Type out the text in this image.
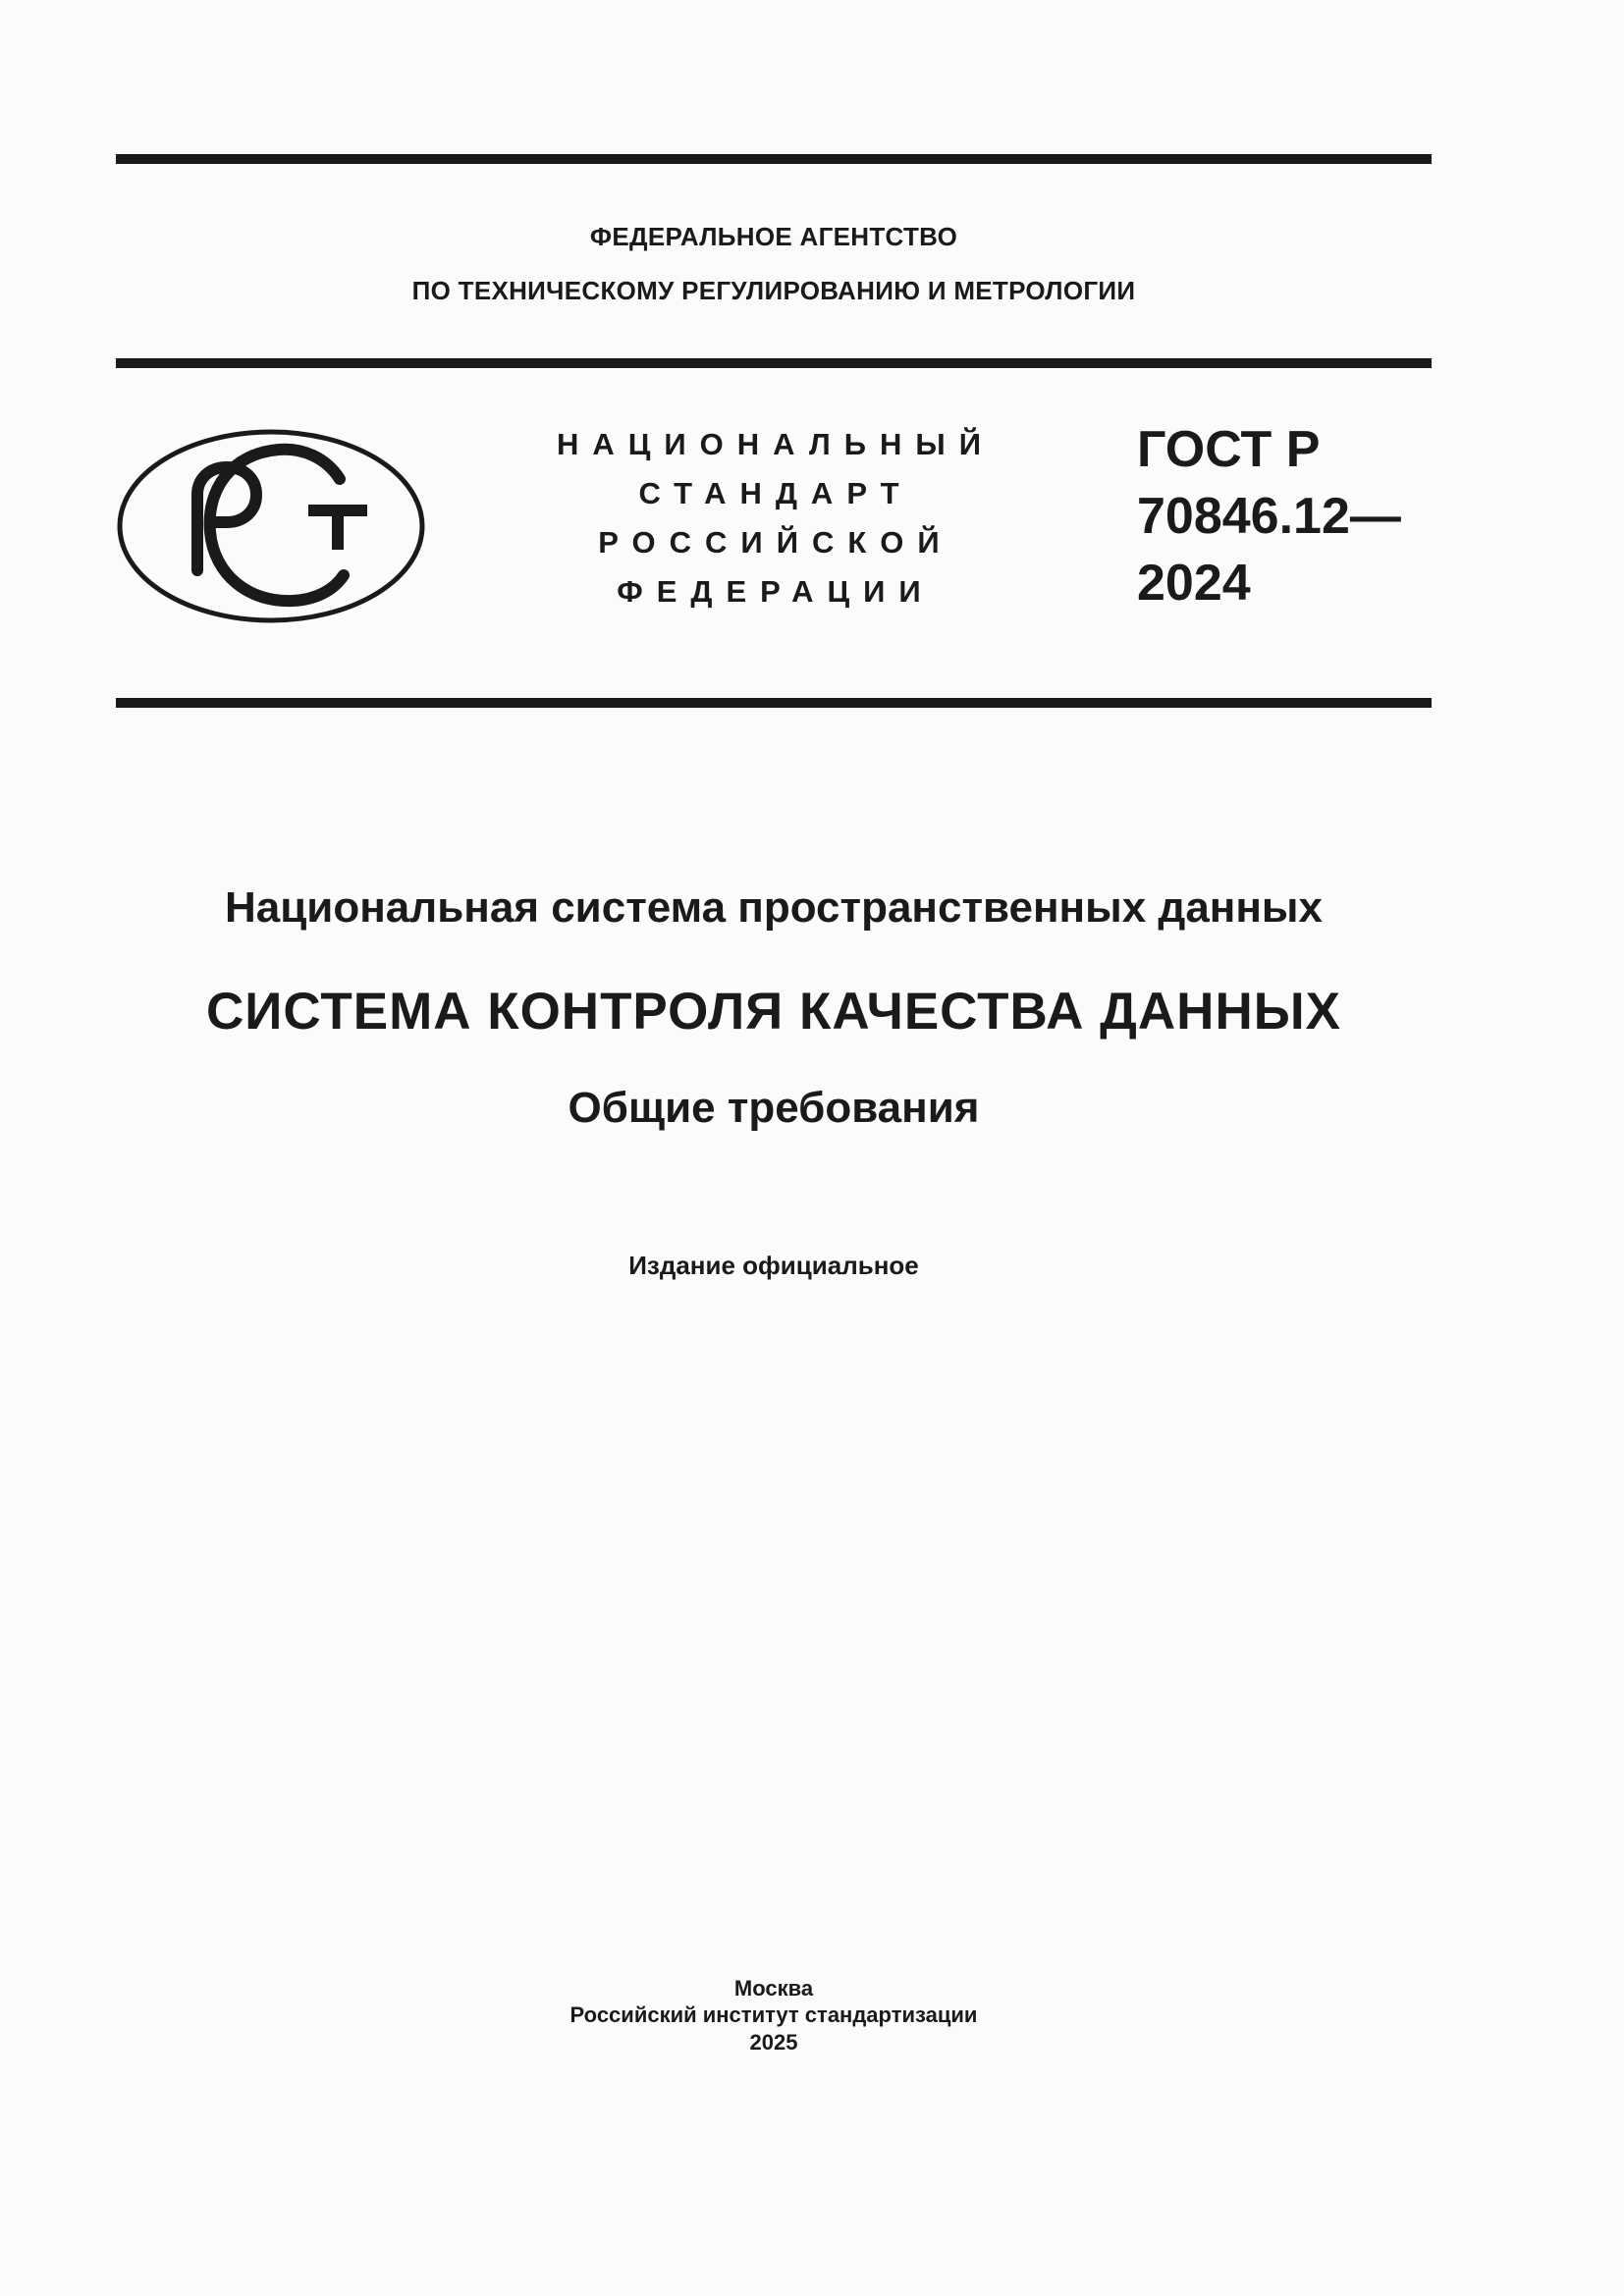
ФЕДЕРАЛЬНОЕ АГЕНТСТВО
ПО ТЕХНИЧЕСКОМУ РЕГУЛИРОВАНИЮ И МЕТРОЛОГИИ
НАЦИОНАЛЬНЫЙ
СТАНДАРТ
РОССИЙСКОЙ
ФЕДЕРАЦИИ
ГОСТ Р
70846.12—
2024
Национальная система пространственных данных
СИСТЕМА КОНТРОЛЯ КАЧЕСТВА ДАННЫХ
Общие требования
Издание официальное
Москва
Российский институт стандартизации
2025
